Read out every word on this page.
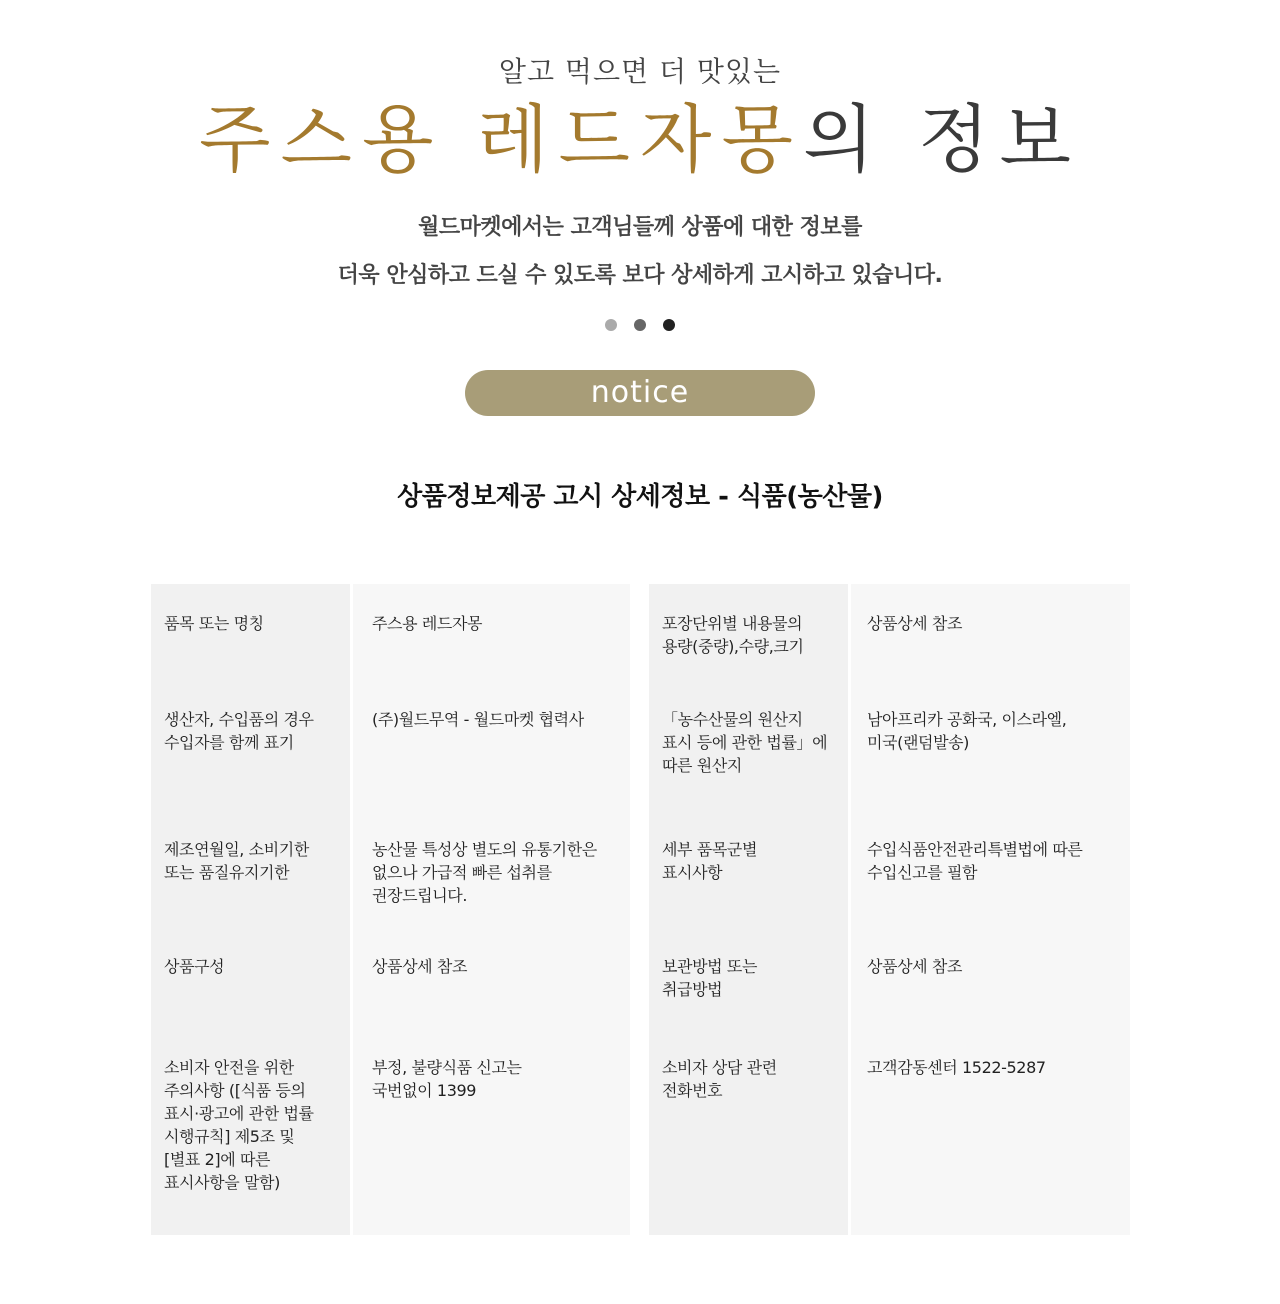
알고 먹으면 더 맛있는
주스용 레드자몽의 정보
월드마켓에서는 고객님들께 상품에 대한 정보를
더욱 안심하고 드실 수 있도록 보다 상세하게 고시하고 있습니다.
notice
상품정보제공 고시 상세정보 - 식품(농산물)
품목 또는 명칭
생산자, 수입품의 경우
수입자를 함께 표기
제조연월일, 소비기한
또는 품질유지기한
상품구성
소비자 안전을 위한
주의사항 ([식품 등의
표시·광고에 관한 법률
시행규칙] 제5조 및
[별표 2]에 따른
표시사항을 말함)
주스용 레드자몽
(주)월드무역 - 월드마켓 협력사
농산물 특성상 별도의 유통기한은
없으나 가급적 빠른 섭취를
권장드립니다.
상품상세 참조
부정, 불량식품 신고는
국번없이 1399
포장단위별 내용물의
용량(중량),수량,크기
「농수산물의 원산지
표시 등에 관한 법률」에
따른 원산지
세부 품목군별
표시사항
보관방법 또는
취급방법
소비자 상담 관련
전화번호
상품상세 참조
남아프리카 공화국, 이스라엘,
미국(랜덤발송)
수입식품안전관리특별법에 따른
수입신고를 필함
상품상세 참조
고객감동센터 1522-5287
